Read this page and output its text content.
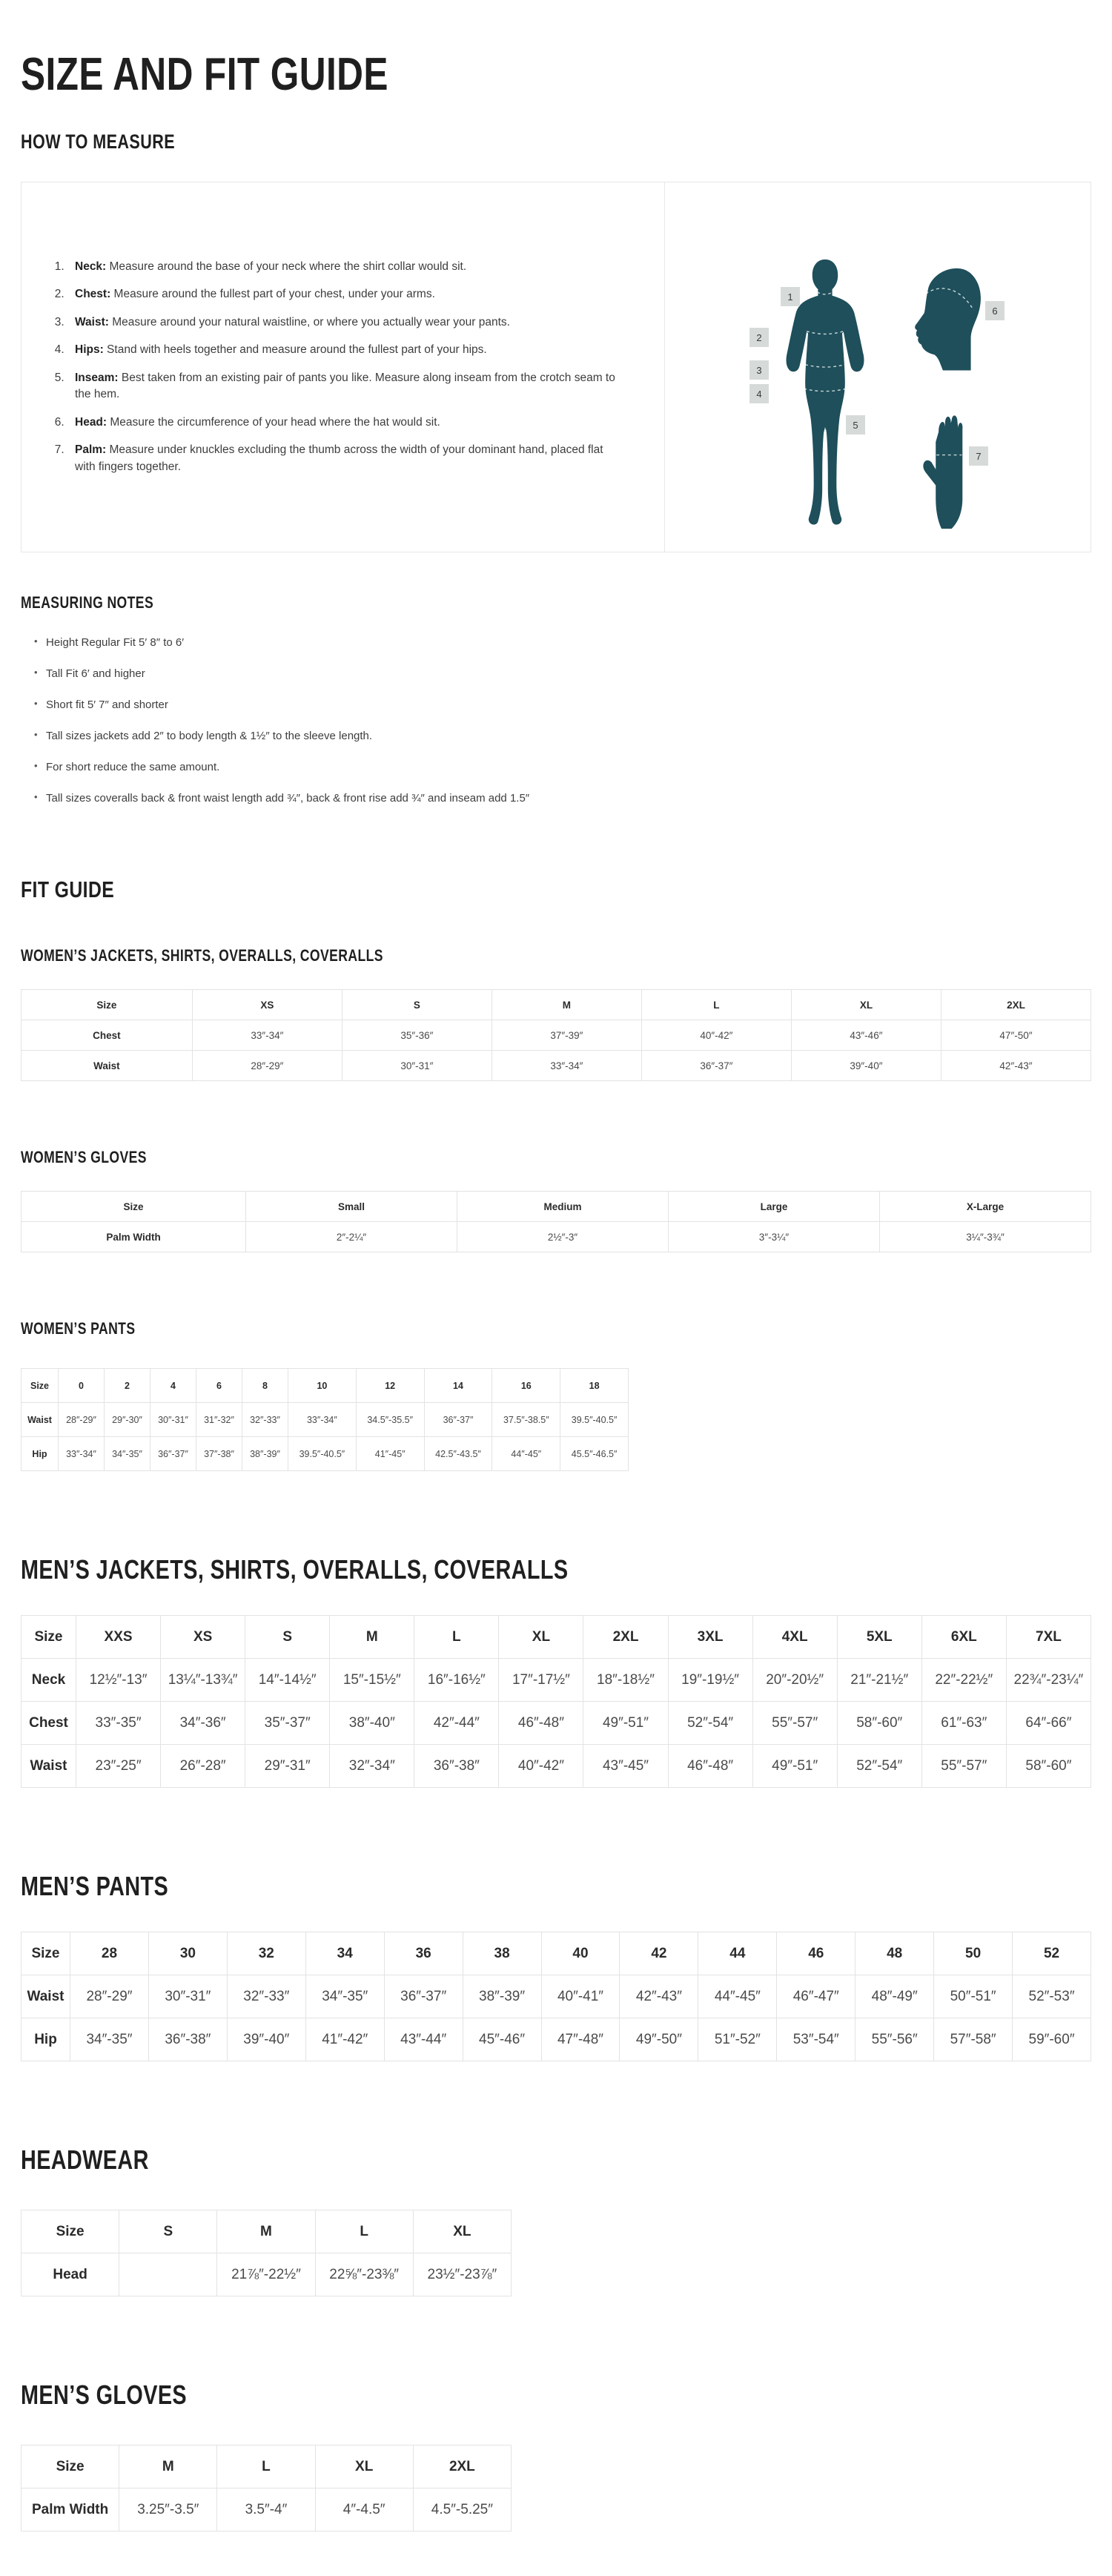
SIZE AND FIT GUIDE
HOW TO MEASURE
1. Neck: Measure around the base of your neck where the shirt collar would sit.
2. Chest: Measure around the fullest part of your chest, under your arms.
3. Waist: Measure around your natural waistline, or where you actually wear your pants.
4. Hips: Stand with heels together and measure around the fullest part of your hips.
5. Inseam: Best taken from an existing pair of pants you like. Measure along inseam from the crotch seam to the hem.
6. Head: Measure the circumference of your head where the hat would sit.
7. Palm: Measure under knuckles excluding the thumb across the width of your dominant hand, placed flat with fingers together.
1
2
3
4
5
6
7
MEASURING NOTES
• Height Regular Fit 5′ 8″ to 6′
• Tall Fit 6′ and higher
• Short fit 5′ 7″ and shorter
• Tall sizes jackets add 2″ to body length & 1½″ to the sleeve length.
• For short reduce the same amount.
• Tall sizes coveralls back & front waist length add ¾″, back & front rise add ¾″ and inseam add 1.5″
FIT GUIDE
WOMEN’S JACKETS, SHIRTS, OVERALLS, COVERALLS
Size	XS	S	M	L	XL	2XL
Chest	33″-34″	35″-36″	37″-39″	40″-42″	43″-46″	47″-50″
Waist	28″-29″	30″-31″	33″-34″	36″-37″	39″-40″	42″-43″
WOMEN’S GLOVES
Size	Small	Medium	Large	X-Large
Palm Width	2″-2¼″	2½″-3″	3″-3¼″	3¼″-3¾″
WOMEN’S PANTS
Size	0	2	4	6	8	10	12	14	16	18
Waist	28″-29″	29″-30″	30″-31″	31″-32″	32″-33″	33″-34″	34.5″-35.5″	36″-37″	37.5″-38.5″	39.5″-40.5″
Hip	33″-34″	34″-35″	36″-37″	37″-38″	38″-39″	39.5″-40.5″	41″-45″	42.5″-43.5″	44″-45″	45.5″-46.5″
MEN’S JACKETS, SHIRTS, OVERALLS, COVERALLS
Size	XXS	XS	S	M	L	XL	2XL	3XL	4XL	5XL	6XL	7XL
Neck	12½″-13″	13¼″-13¾″	14″-14½″	15″-15½″	16″-16½″	17″-17½″	18″-18½″	19″-19½″	20″-20½″	21″-21½″	22″-22½″	22¾″-23¼″
Chest	33″-35″	34″-36″	35″-37″	38″-40″	42″-44″	46″-48″	49″-51″	52″-54″	55″-57″	58″-60″	61″-63″	64″-66″
Waist	23″-25″	26″-28″	29″-31″	32″-34″	36″-38″	40″-42″	43″-45″	46″-48″	49″-51″	52″-54″	55″-57″	58″-60″
MEN’S PANTS
Size	28	30	32	34	36	38	40	42	44	46	48	50	52
Waist	28″-29″	30″-31″	32″-33″	34″-35″	36″-37″	38″-39″	40″-41″	42″-43″	44″-45″	46″-47″	48″-49″	50″-51″	52″-53″
Hip	34″-35″	36″-38″	39″-40″	41″-42″	43″-44″	45″-46″	47″-48″	49″-50″	51″-52″	53″-54″	55″-56″	57″-58″	59″-60″
HEADWEAR
Size	S	M	L	XL
Head		21⅞″-22½″	22⅝″-23⅜″	23½″-23⅞″
MEN’S GLOVES
Size	M	L	XL	2XL
Palm Width	3.25″-3.5″	3.5″-4″	4″-4.5″	4.5″-5.25″
